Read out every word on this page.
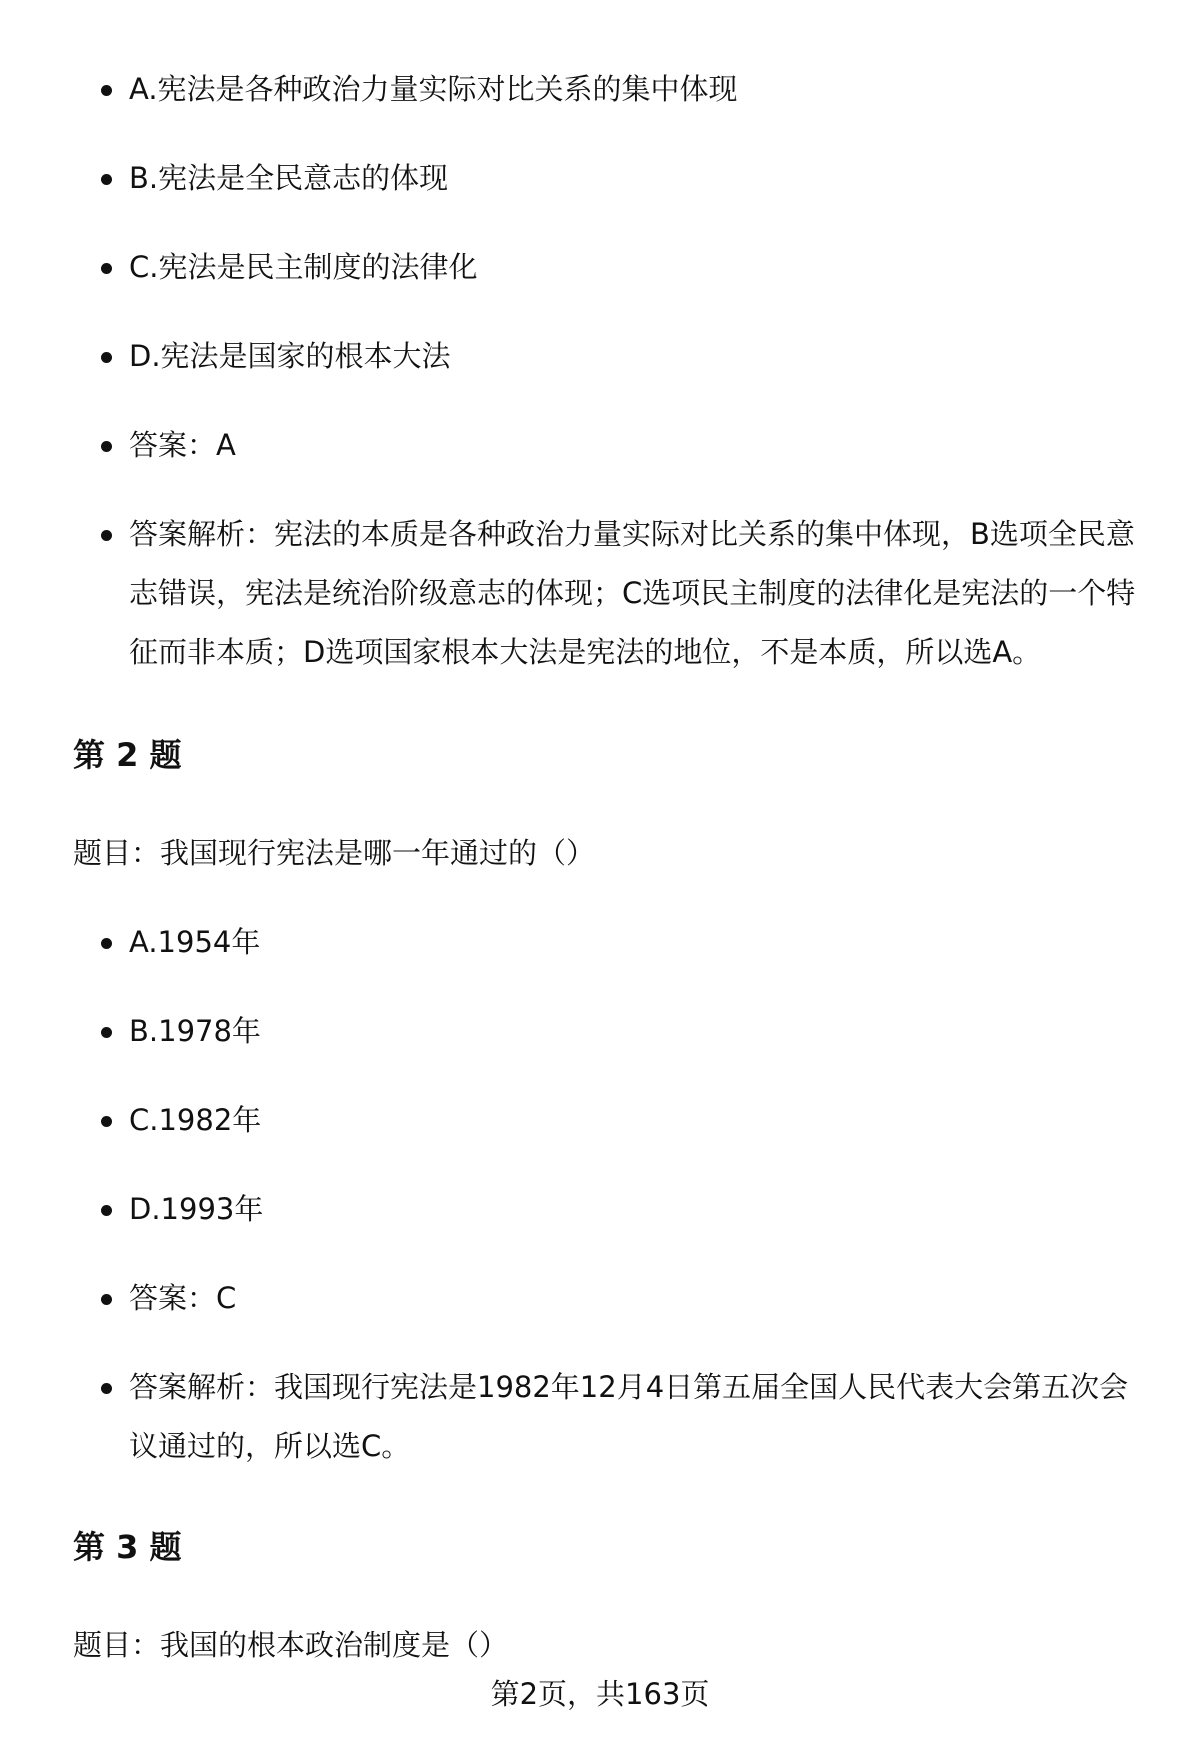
A.宪法是各种政治力量实际对比关系的集中体现
B.宪法是全民意志的体现
C.宪法是民主制度的法律化
D.宪法是国家的根本大法
答案：A
答案解析：宪法的本质是各种政治力量实际对比关系的集中体现，B选项全民意志错误，宪法是统治阶级意志的体现；C选项民主制度的法律化是宪法的一个特征而非本质；D选项国家根本大法是宪法的地位，不是本质，所以选A。
第 2 题
题目：我国现行宪法是哪一年通过的（）
A.1954年
B.1978年
C.1982年
D.1993年
答案：C
答案解析：我国现行宪法是1982年12月4日第五届全国人民代表大会第五次会议通过的，所以选C。
第 3 题
题目：我国的根本政治制度是（）
第2页，共163页
